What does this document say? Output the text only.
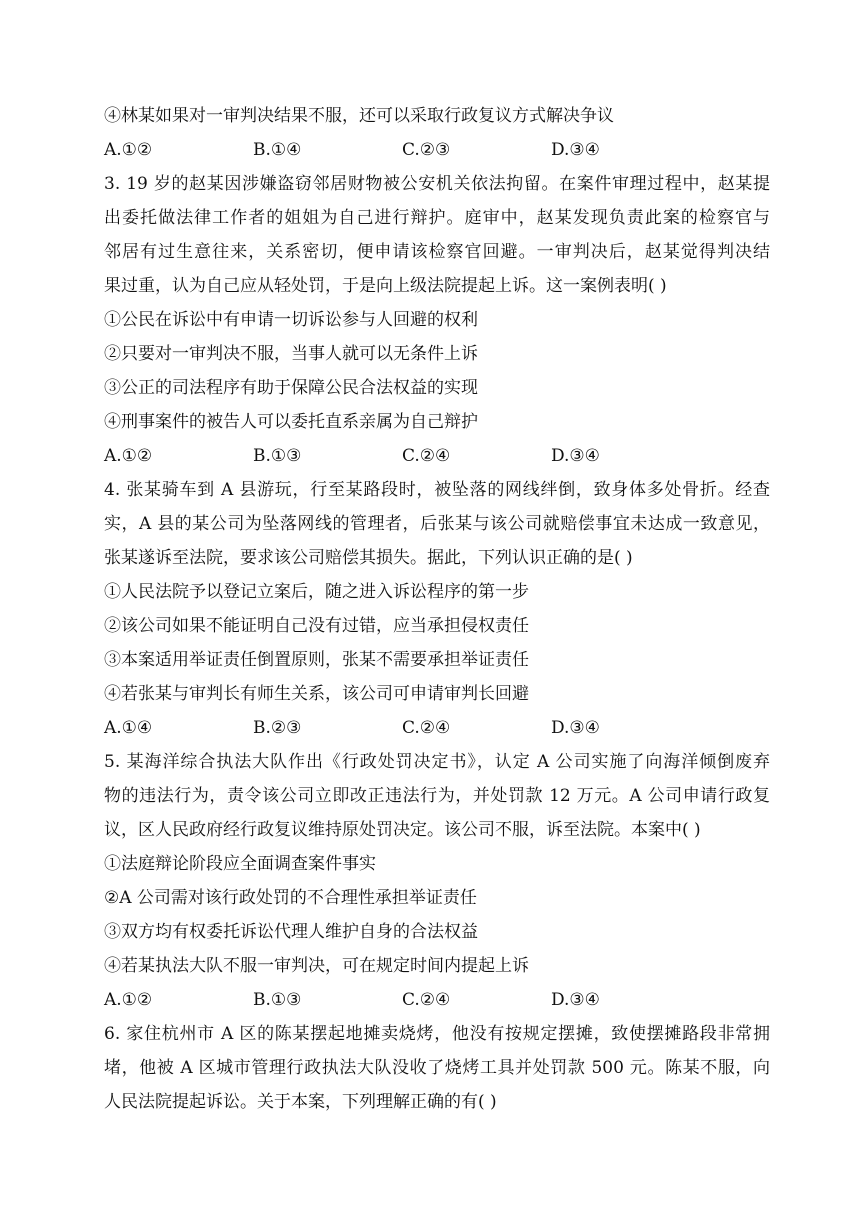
④林某如果对一审判决结果不服，还可以采取行政复议方式解决争议
A.①②	B.①④	C.②③	D.③④
3. 19 岁的赵某因涉嫌盗窃邻居财物被公安机关依法拘留。在案件审理过程中，赵某提
出委托做法律工作者的姐姐为自己进行辩护。庭审中，赵某发现负责此案的检察官与
邻居有过生意往来，关系密切，便申请该检察官回避。一审判决后，赵某觉得判决结
果过重，认为自己应从轻处罚，于是向上级法院提起上诉。这一案例表明( )
①公民在诉讼中有申请一切诉讼参与人回避的权利
②只要对一审判决不服，当事人就可以无条件上诉
③公正的司法程序有助于保障公民合法权益的实现
④刑事案件的被告人可以委托直系亲属为自己辩护
A.①②	B.①③	C.②④	D.③④
4. 张某骑车到 A 县游玩，行至某路段时，被坠落的网线绊倒，致身体多处骨折。经查
实，A 县的某公司为坠落网线的管理者，后张某与该公司就赔偿事宜未达成一致意见，
张某遂诉至法院，要求该公司赔偿其损失。据此，下列认识正确的是( )
①人民法院予以登记立案后，随之进入诉讼程序的第一步
②该公司如果不能证明自己没有过错，应当承担侵权责任
③本案适用举证责任倒置原则，张某不需要承担举证责任
④若张某与审判长有师生关系，该公司可申请审判长回避
A.①④	B.②③	C.②④	D.③④
5. 某海洋综合执法大队作出《行政处罚决定书》，认定 A 公司实施了向海洋倾倒废弃
物的违法行为，责令该公司立即改正违法行为，并处罚款 12 万元。A 公司申请行政复
议，区人民政府经行政复议维持原处罚决定。该公司不服，诉至法院。本案中( )
①法庭辩论阶段应全面调查案件事实
②A 公司需对该行政处罚的不合理性承担举证责任
③双方均有权委托诉讼代理人维护自身的合法权益
④若某执法大队不服一审判决，可在规定时间内提起上诉
A.①②	B.①③	C.②④	D.③④
6. 家住杭州市 A 区的陈某摆起地摊卖烧烤，他没有按规定摆摊，致使摆摊路段非常拥
堵，他被 A 区城市管理行政执法大队没收了烧烤工具并处罚款 500 元。陈某不服，向
人民法院提起诉讼。关于本案，下列理解正确的有( )
